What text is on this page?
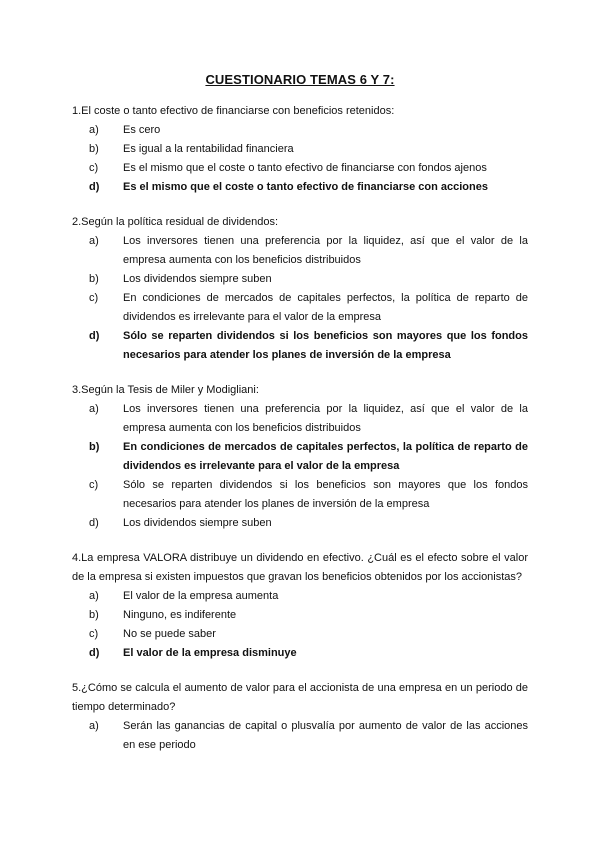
CUESTIONARIO TEMAS 6 Y 7:

1.El coste o tanto efectivo de financiarse con beneficios retenidos:

a)	Es cero
b)	Es igual a la rentabilidad financiera
c)	Es el mismo que el coste o tanto efectivo de financiarse con fondos ajenos
d)	Es el mismo que el coste o tanto efectivo de financiarse con acciones

2.Según la política residual de dividendos:

a)	Los inversores tienen una preferencia por la liquidez, así que el valor de la empresa aumenta con los beneficios distribuidos
b)	Los dividendos siempre suben
c)	En condiciones de mercados de capitales perfectos, la política de reparto de dividendos es irrelevante para el valor de la empresa
d)	Sólo se reparten dividendos si los beneficios son mayores que los fondos necesarios para atender los planes de inversión de la empresa

3.Según la Tesis de Miler y Modigliani:

a)	Los inversores tienen una preferencia por la liquidez, así que el valor de la empresa aumenta con los beneficios distribuidos
b)	En condiciones de mercados de capitales perfectos, la política de reparto de dividendos es irrelevante para el valor de la empresa
c)	Sólo se reparten dividendos si los beneficios son mayores que los fondos necesarios para atender los planes de inversión de la empresa
d)	Los dividendos siempre suben

4.La empresa VALORA distribuye un dividendo en efectivo. ¿Cuál es el efecto sobre el valor de la empresa si existen impuestos que gravan los beneficios obtenidos por los accionistas?

a)	El valor de la empresa aumenta
b)	Ninguno, es indiferente
c)	No se puede saber
d)	El valor de la empresa disminuye

5.¿Cómo se calcula el aumento de valor para el accionista de una empresa en un periodo de tiempo determinado?

a)	Serán las ganancias de capital o plusvalía por aumento de valor de las acciones en ese periodo
